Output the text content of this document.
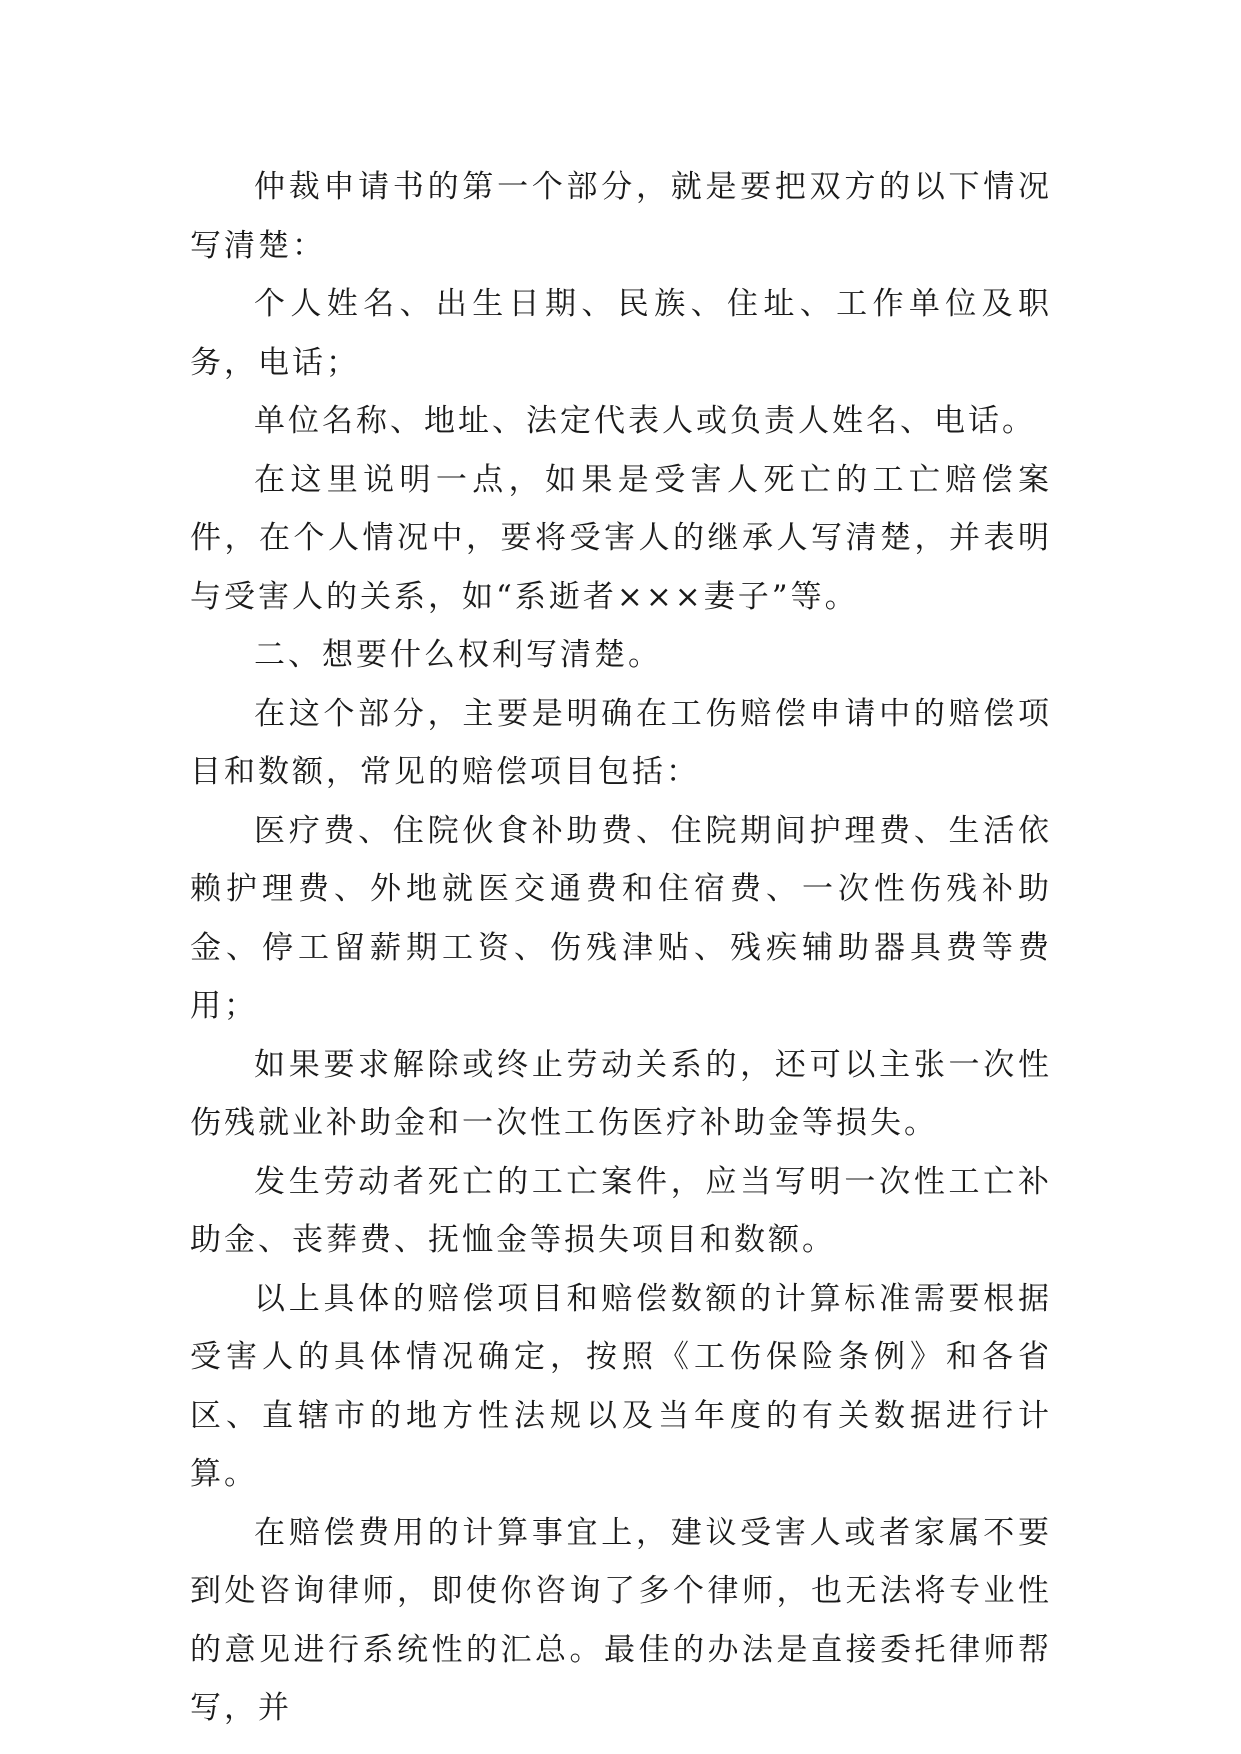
仲裁申请书的第一个部分，就是要把双方的以下情况写清楚：

个人姓名、出生日期、民族、住址、工作单位及职务，电话；

单位名称、地址、法定代表人或负责人姓名、电话。

在这里说明一点，如果是受害人死亡的工亡赔偿案件，在个人情况中，要将受害人的继承人写清楚，并表明与受害人的关系，如“系逝者×××妻子”等。

二、想要什么权利写清楚。

在这个部分，主要是明确在工伤赔偿申请中的赔偿项目和数额，常见的赔偿项目包括：

医疗费、住院伙食补助费、住院期间护理费、生活依赖护理费、外地就医交通费和住宿费、一次性伤残补助金、停工留薪期工资、伤残津贴、残疾辅助器具费等费用；

如果要求解除或终止劳动关系的，还可以主张一次性伤残就业补助金和一次性工伤医疗补助金等损失。

发生劳动者死亡的工亡案件，应当写明一次性工亡补助金、丧葬费、抚恤金等损失项目和数额。

以上具体的赔偿项目和赔偿数额的计算标准需要根据受害人的具体情况确定，按照《工伤保险条例》和各省区、直辖市的地方性法规以及当年度的有关数据进行计算。

在赔偿费用的计算事宜上，建议受害人或者家属不要到处咨询律师，即使你咨询了多个律师，也无法将专业性的意见进行系统性的汇总。最佳的办法是直接委托律师帮写，并
